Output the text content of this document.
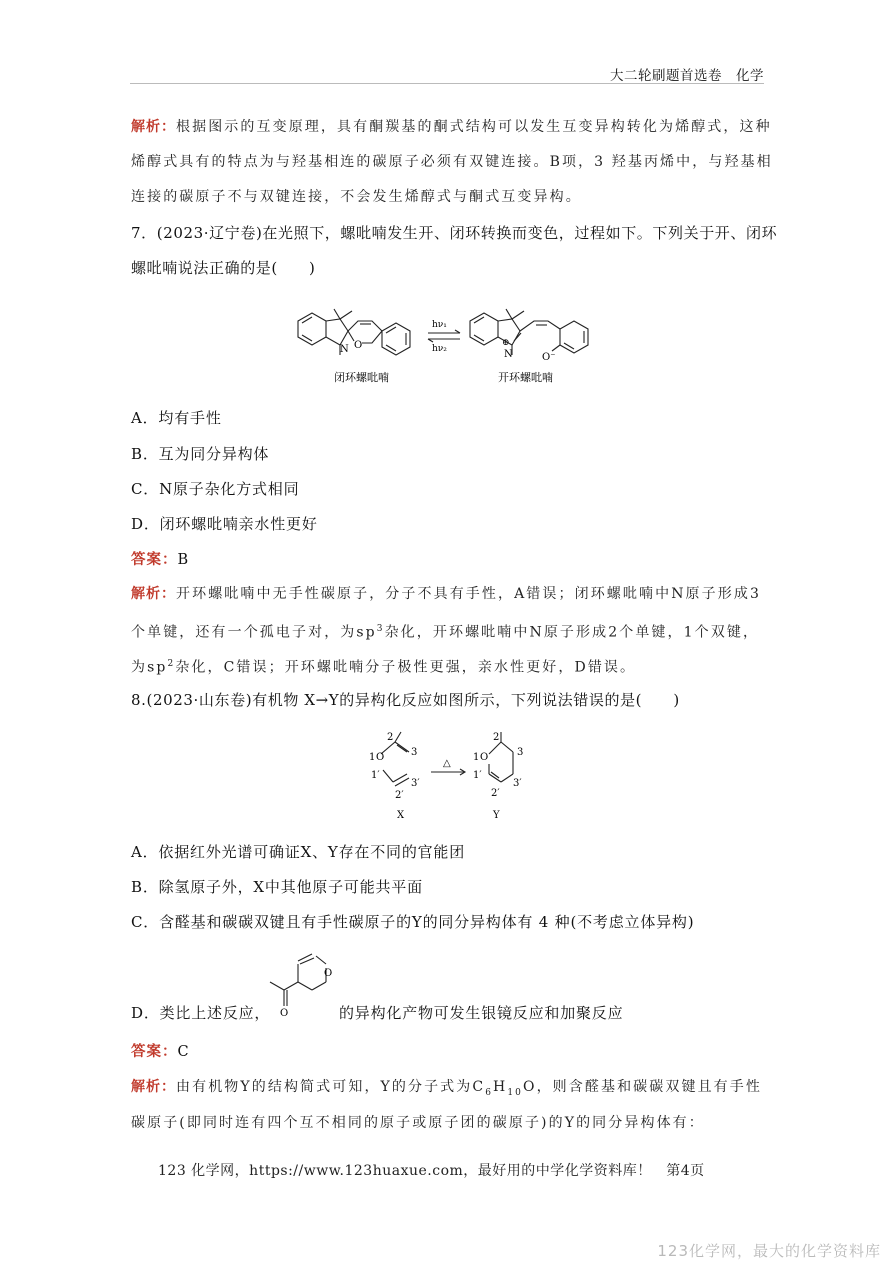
大二轮刷题首选卷　化学
解析：根据图示的互变原理，具有酮羰基的酮式结构可以发生互变异构转化为烯醇式，这种
烯醇式具有的特点为与羟基相连的碳原子必须有双键连接。B项，3 羟基丙烯中，与羟基相
连接的碳原子不与双键连接，不会发生烯醇式与酮式互变异构。
7．(2023·辽宁卷)在光照下，螺吡喃发生开、闭环转换而变色，过程如下。下列关于开、闭环
螺吡喃说法正确的是(　　)
N O
hν₁
hν₂
⊕
N	O⁻
闭环螺吡喃	开环螺吡喃
A．均有手性
B．互为同分异构体
C．N原子杂化方式相同
D．闭环螺吡喃亲水性更好
答案：B
解析：开环螺吡喃中无手性碳原子，分子不具有手性，A错误；闭环螺吡喃中N原子形成3
个单键，还有一个孤电子对，为$sp^3$杂化，开环螺吡喃中N原子形成2个单键，1个双键，
为$sp^2$杂化，C错误；开环螺吡喃分子极性更强，亲水性更好，D错误。
8.(2023·山东卷)有机物 X→Y的异构化反应如图所示，下列说法错误的是(　　)
2
1 O	3
1′
2′
3′
△
X
2
1 O	3
1′
2′
3′
Y
A．依据红外光谱可确证X、Y存在不同的官能团
B．除氢原子外，X中其他原子可能共平面
C．含醛基和碳碳双键且有手性碳原子的Y的同分异构体有 4 种(不考虑立体异构)
O
O
D．类比上述反应，	的异构化产物可发生银镜反应和加聚反应
答案：C
解析：由有机物Y的结构简式可知，Y的分子式为$C_6H_{10}O$，则含醛基和碳碳双键且有手性
碳原子(即同时连有四个互不相同的原子或原子团的碳原子)的Y的同分异构体有：
123 化学网，https://www.123huaxue.com，最好用的中学化学资料库！　第4页
123化学网，最大的化学资料库
